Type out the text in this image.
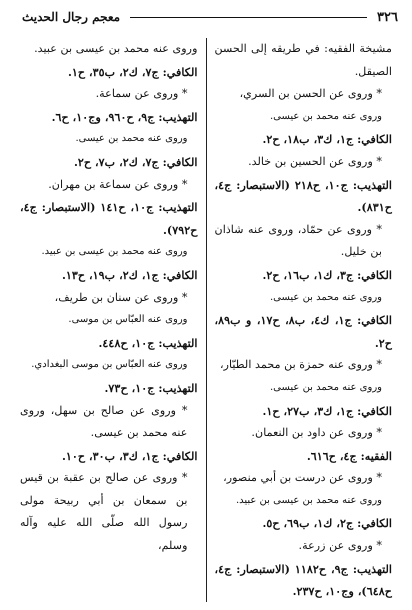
٣٢٦
معجم رجال الحديث

مشيخة الفقيه: في طريقه إلى الحسن الصيقل.

* وروى عن الحسن بن السري،

وروى عنه محمد بن عيسى.

الكافي: ج١، ك٣، ب١٨، ح٢.

* وروى عن الحسين بن خالد.

التهذيب: ج١٠، ح٢١٨ (الاستبصار: ج٤، ح٨٣١).

* وروى عن حمّاد، وروى عنه شاذان بن خليل.

الكافي: ج٣، ك١، ب١٦، ح٢.

وروى عنه محمد بن عيسى.

الكافي: ج١، ك٤، ب٨، ح١٧، و ب٨٩، ح٢.

* وروى عنه حمزة بن محمد الطيّار،

وروى عنه محمد بن عيسى.

الكافي: ج١، ك٣، ب٢٧، ح١.

* وروى عن داود بن النعمان.

الفقيه: ج٤، ح٦١٦.

* وروى عن درست بن أبي منصور،

وروى عنه محمد بن عيسى بن عبيد.

الكافي: ج٢، ك١، ب٦٩، ح٥.

* وروى عن زرعة.

التهذيب: ج٩، ح١١٨٢ (الاستبصار: ج٤، ح٦٤٨)، وج١٠، ح٢٣٧.

وروى عنه محمد بن عيسى بن عبيد.

الكافي: ج٧، ك٢، ب٣٥، ح١.

* وروى عن سماعة.

التهذيب: ج٩، ح٩٦٠، وج١٠، ح٦.

وروى عنه محمد بن عيسى.

الكافي: ج٧، ك٢، ب٧، ح٢.

* وروى عن سماعة بن مهران.

التهذيب: ج١٠، ح١٤١ (الاستبصار: ج٤، ح٧٩٢).

وروى عنه محمد بن عيسى بن عبيد.

الكافي: ج١، ك٢، ب١٩، ح١٣.

* وروى عن سنان بن طريف،

وروى عنه العبّاس بن موسى.

التهذيب: ج١٠، ح٤٤٨.

وروى عنه العبّاس بن موسى البغدادي.

التهذيب: ج١٠، ح٧٣.

* وروى عن صالح بن سهل، وروى عنه محمد بن عيسى.

الكافي: ج١، ك٣، ب٣٠، ح١٠.

* وروى عن صالح بن عقبة بن قيس بن سمعان بن أبي ربيحة مولى رسول الله صلّى الله عليه وآله وسلم،
